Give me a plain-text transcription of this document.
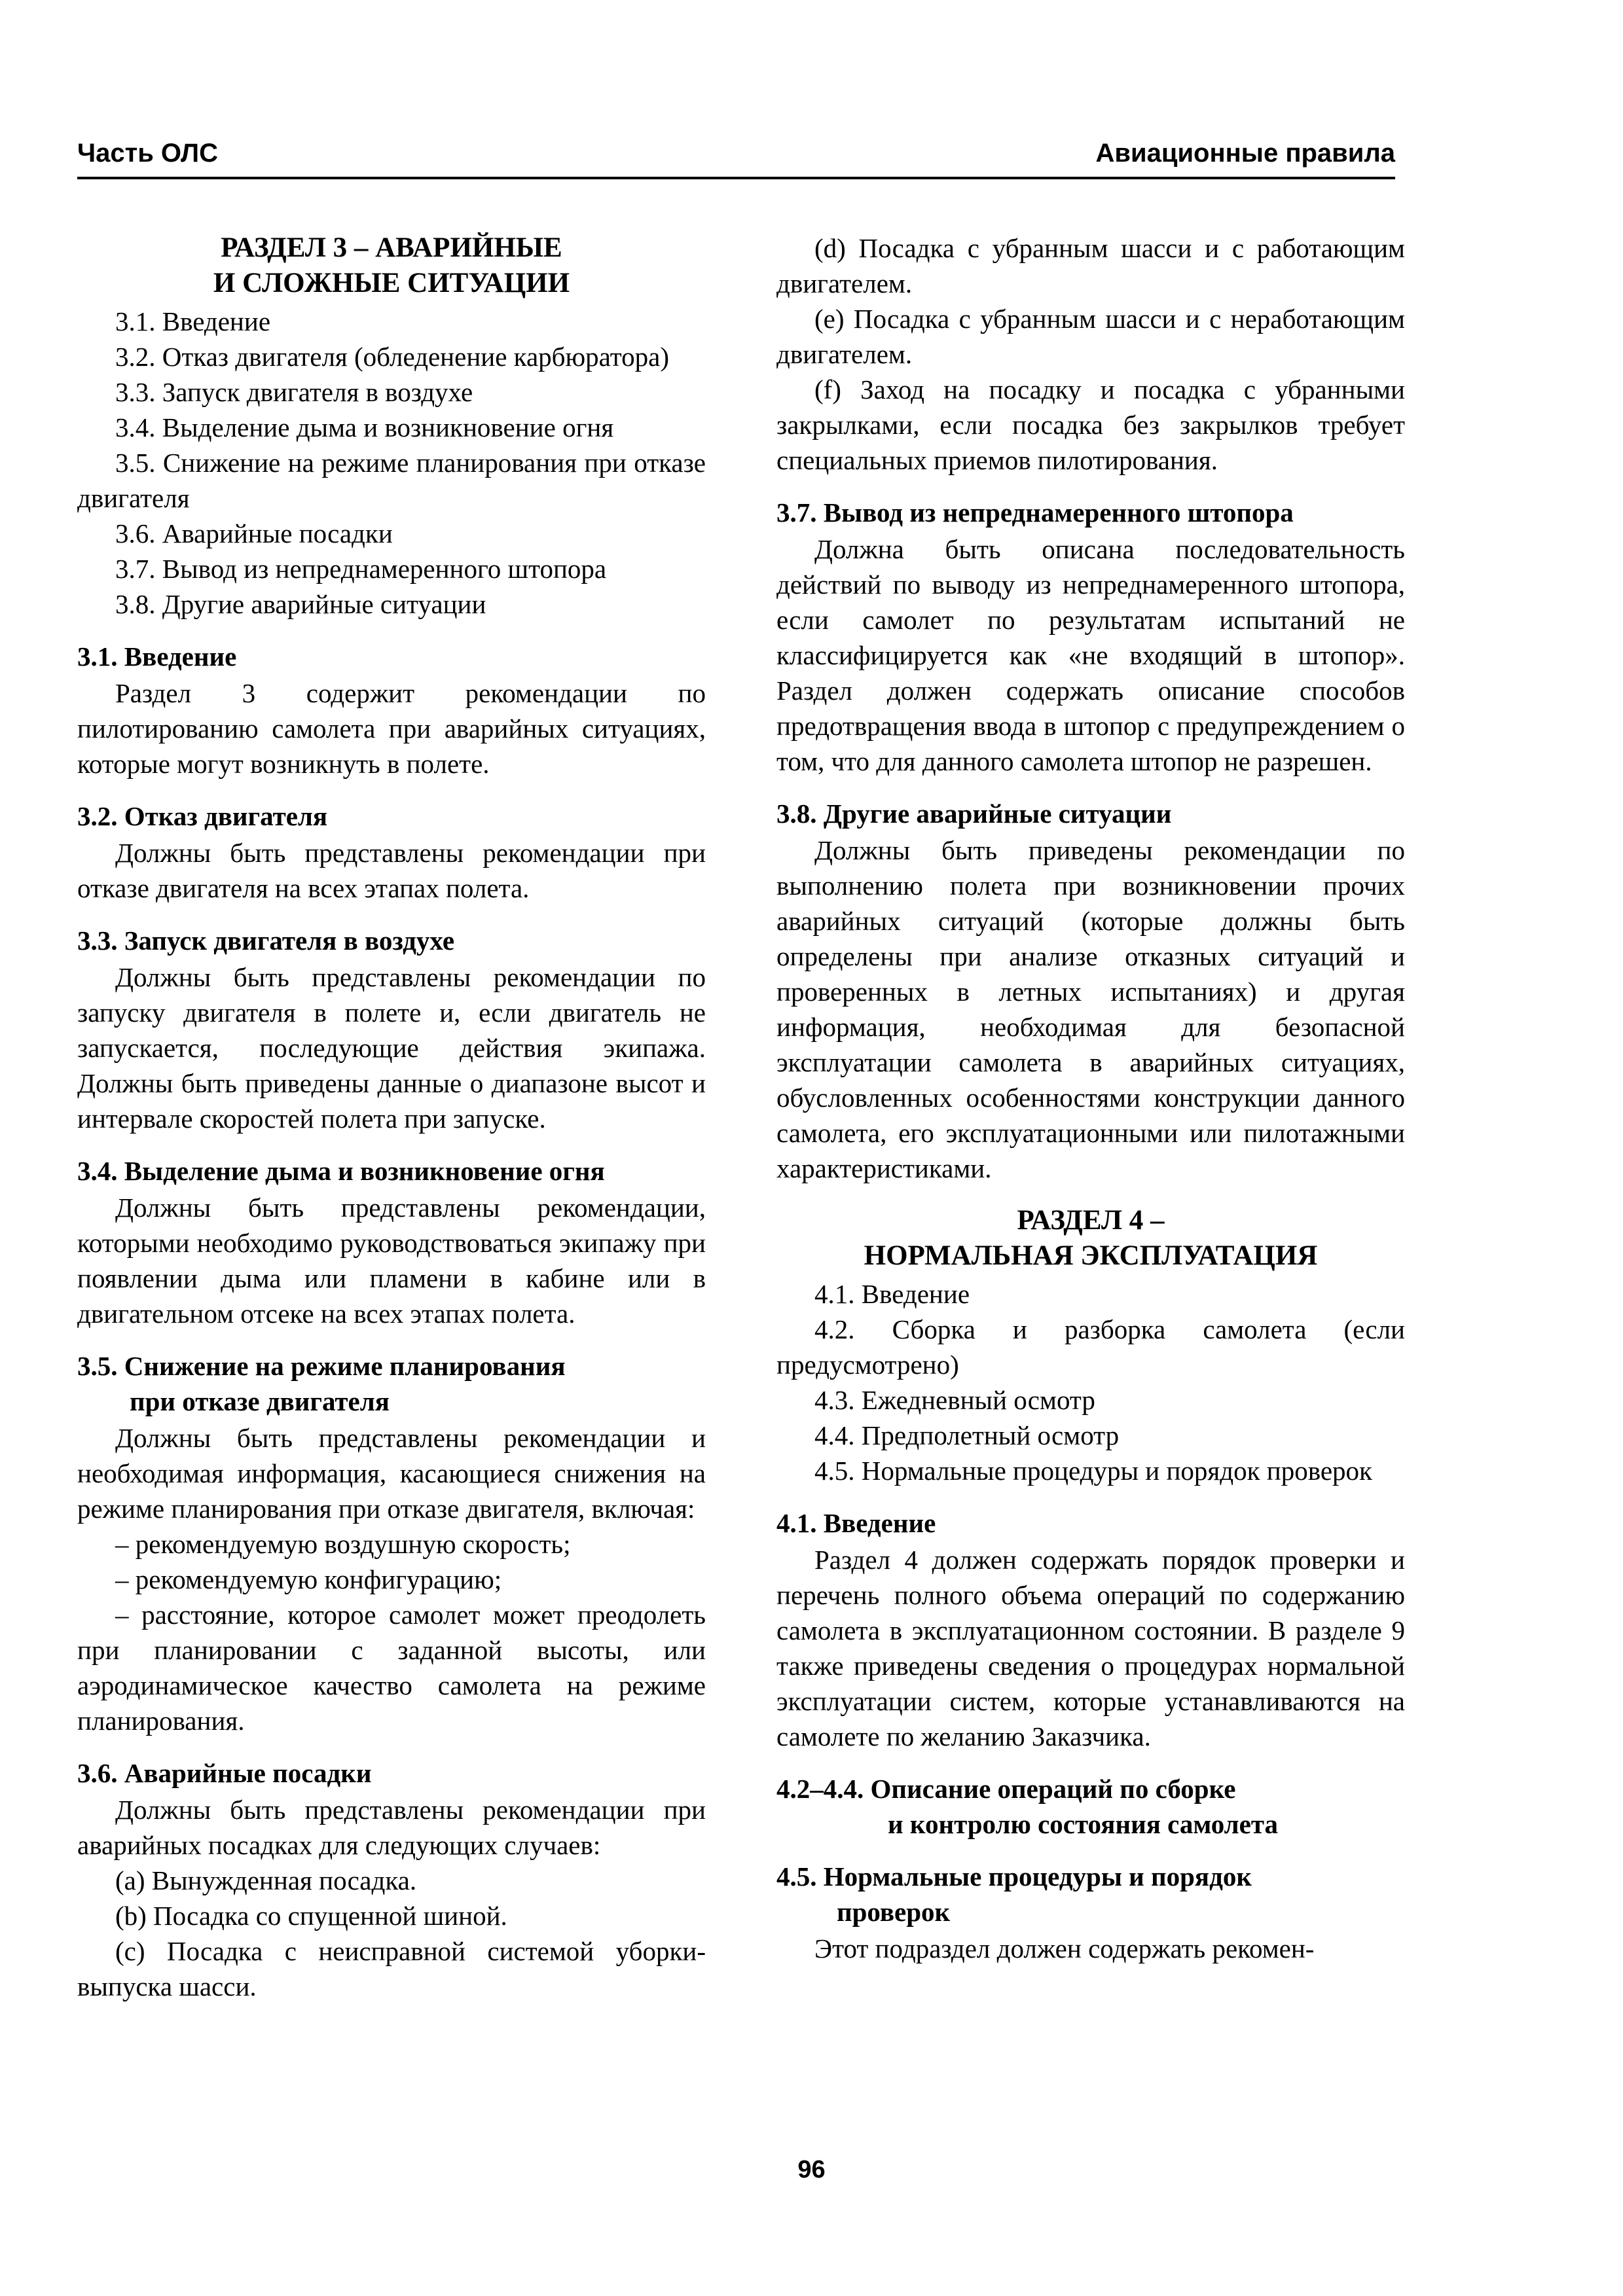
Часть ОЛС	Авиационные правила
РАЗДЕЛ 3 – АВАРИЙНЫЕ
И СЛОЖНЫЕ СИТУАЦИИ

3.1. Введение

3.2. Отказ двигателя (обледенение карбюратора)

3.3. Запуск двигателя в воздухе

3.4. Выделение дыма и возникновение огня

3.5. Снижение на режиме планирования при отказе двигателя

3.6. Аварийные посадки

3.7. Вывод из непреднамеренного штопора

3.8. Другие аварийные ситуации

3.1. Введение

Раздел 3 содержит рекомендации по пилотированию самолета при аварийных ситуациях, которые могут возникнуть в полете.

3.2. Отказ двигателя

Должны быть представлены рекомендации при отказе двигателя на всех этапах полета.

3.3. Запуск двигателя в воздухе

Должны быть представлены рекомендации по запуску двигателя в полете и, если двигатель не запускается, последующие действия экипажа. Должны быть приведены данные о диапазоне высот и интервале скоростей полета при запуске.

3.4. Выделение дыма и возникновение огня

Должны быть представлены рекомендации, которыми необходимо руководствоваться экипажу при появлении дыма или пламени в кабине или в двигательном отсеке на всех этапах полета.

3.5. Снижение на режиме планирования
при отказе двигателя

Должны быть представлены рекомендации и необходимая информация, касающиеся снижения на режиме планирования при отказе двигателя, включая:

– рекомендуемую воздушную скорость;

– рекомендуемую конфигурацию;

– расстояние, которое самолет может преодолеть при планировании с заданной высоты, или аэродинамическое качество самолета на режиме планирования.

3.6. Аварийные посадки

Должны быть представлены рекомендации при аварийных посадках для следующих случаев:

(a) Вынужденная посадка.

(b) Посадка со спущенной шиной.

(c) Посадка с неисправной системой уборки-выпуска шасси.

(d) Посадка с убранным шасси и с работающим двигателем.

(e) Посадка с убранным шасси и с неработающим двигателем.

(f) Заход на посадку и посадка с убранными закрылками, если посадка без закрылков требует специальных приемов пилотирования.

3.7. Вывод из непреднамеренного штопора

Должна быть описана последовательность действий по выводу из непреднамеренного штопора, если самолет по результатам испытаний не классифицируется как «не входящий в штопор». Раздел должен содержать описание способов предотвращения ввода в штопор с предупреждением о том, что для данного самолета штопор не разрешен.

3.8. Другие аварийные ситуации

Должны быть приведены рекомендации по выполнению полета при возникновении прочих аварийных ситуаций (которые должны быть определены при анализе отказных ситуаций и проверенных в летных испытаниях) и другая информация, необходимая для безопасной эксплуатации самолета в аварийных ситуациях, обусловленных особенностями конструкции данного самолета, его эксплуатационными или пилотажными характеристиками.

РАЗДЕЛ 4 –
НОРМАЛЬНАЯ ЭКСПЛУАТАЦИЯ

4.1. Введение

4.2. Сборка и разборка самолета (если предусмотрено)

4.3. Ежедневный осмотр

4.4. Предполетный осмотр

4.5. Нормальные процедуры и порядок проверок

4.1. Введение

Раздел 4 должен содержать порядок проверки и перечень полного объема операций по содержанию самолета в эксплуатационном состоянии. В разделе 9 также приведены сведения о процедурах нормальной эксплуатации систем, которые устанавливаются на самолете по желанию Заказчика.

4.2–4.4. Описание операций по сборке
и контролю состояния самолета
4.5. Нормальные процедуры и порядок
проверок

Этот подраздел должен содержать рекомен-

96
